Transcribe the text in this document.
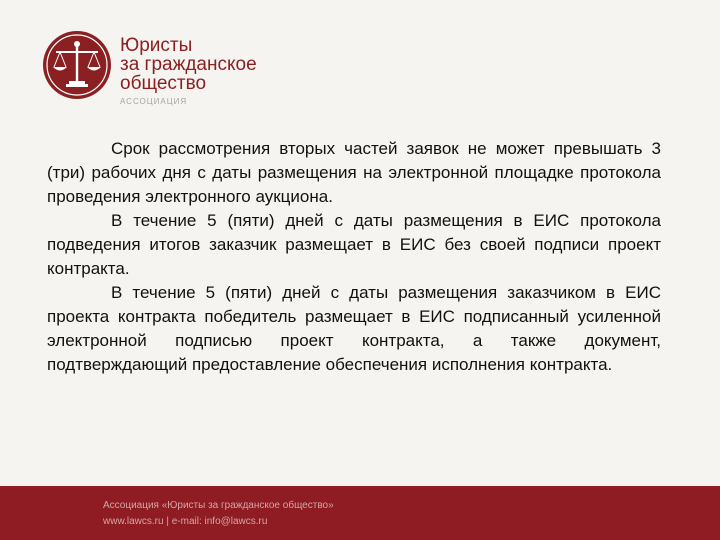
Юристы
за гражданское
общество
АССОЦИАЦИЯ

Срок рассмотрения вторых частей заявок не может превышать 3 (три) рабочих дня с даты размещения на электронной площадке протокола проведения электронного аукциона.

В течение 5 (пяти) дней с даты размещения в ЕИС протокола подведения итогов заказчик размещает в ЕИС без своей подписи проект контракта.

В течение 5 (пяти) дней с даты размещения заказчиком в ЕИС проекта контракта победитель размещает в ЕИС подписанный усиленной электронной подписью проект контракта, а также документ, подтверждающий предоставление обеспечения исполнения контракта.

Ассоциация «Юристы за гражданское общество»
www.lawcs.ru | e-mail: info@lawcs.ru
